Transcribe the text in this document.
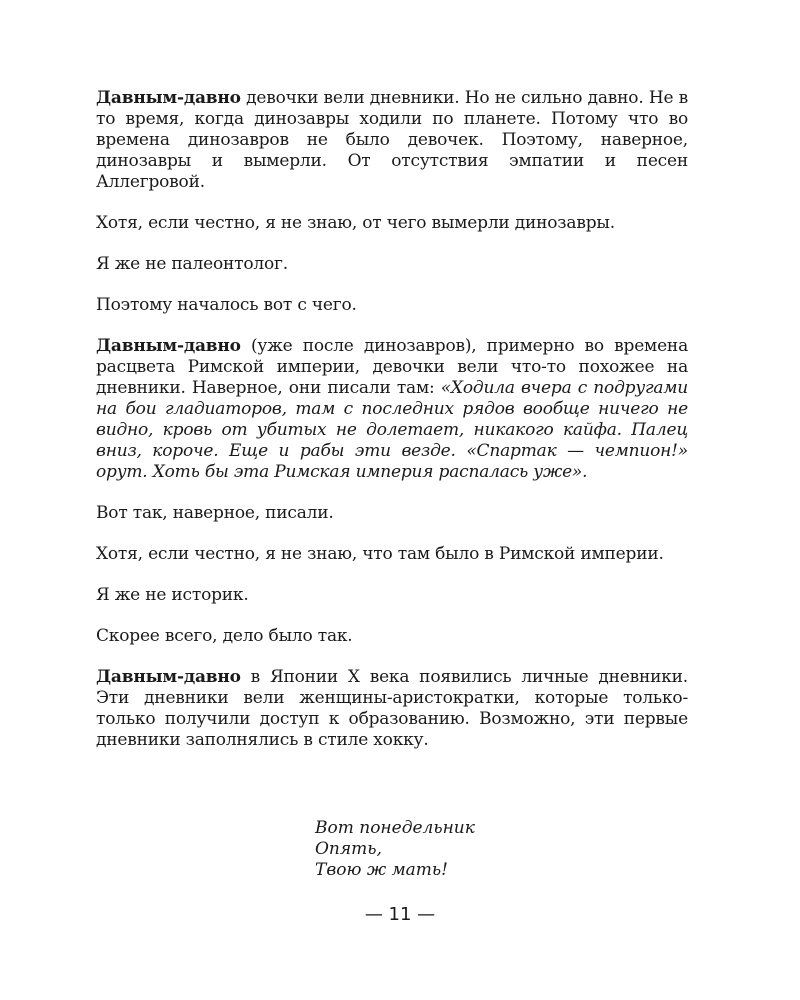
Давным-давно девочки вели дневники. Но не сильно давно. Не в то время, когда динозавры ходили по планете. Потому что во времена динозавров не было девочек. Поэтому, наверное, динозавры и вымерли. От отсутствия эмпатии и песен Аллегровой.

Хотя, если честно, я не знаю, от чего вымерли динозавры.

Я же не палеонтолог.

Поэтому началось вот с чего.

Давным-давно (уже после динозавров), примерно во времена расцвета Римской империи, девочки вели что-то похожее на дневники. Наверное, они писали там: «Ходила вчера с подругами на бои гладиаторов, там с последних рядов вообще ничего не видно, кровь от убитых не долетает, никакого кайфа. Палец вниз, короче. Еще и рабы эти везде. «Спартак — чемпион!» орут. Хоть бы эта Римская империя распалась уже».

Вот так, наверное, писали.

Хотя, если честно, я не знаю, что там было в Римской империи.

Я же не историк.

Скорее всего, дело было так.

Давным-давно в Японии X века появились личные дневники. Эти дневники вели женщины-аристократки, которые только-только получили доступ к образованию. Возможно, эти первые дневники заполнялись в стиле хокку.

Вот понедельник
Опять,
Твою ж мать!
— 11 —
